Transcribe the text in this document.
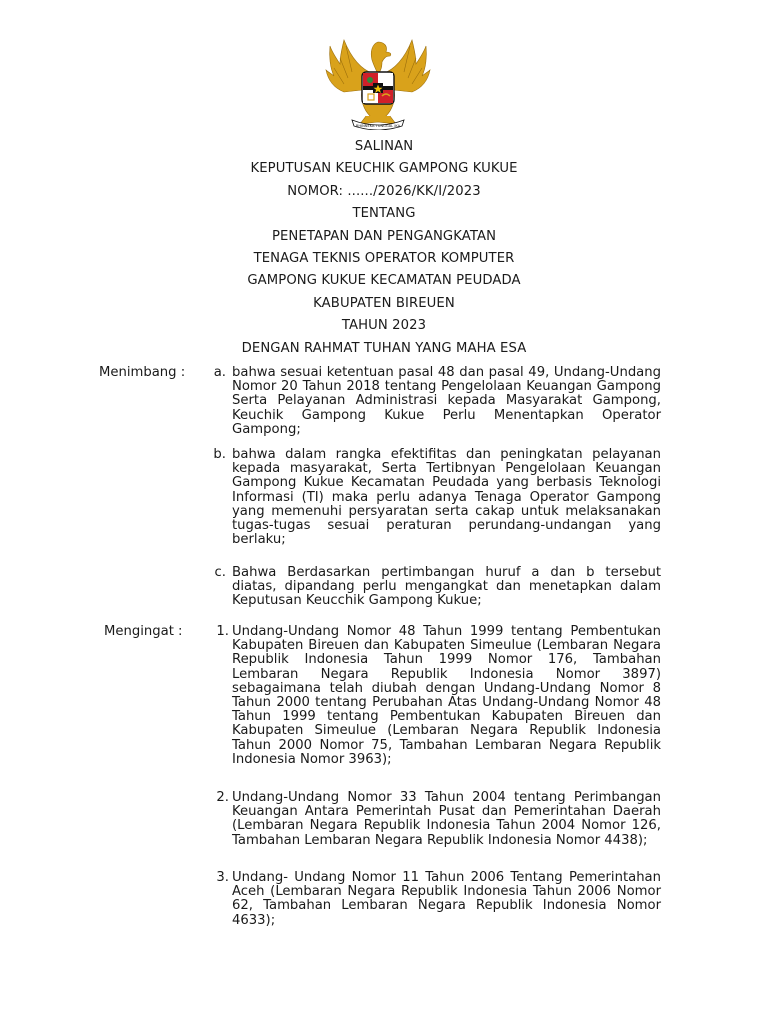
BHINNEKA TUNGGAL IKA
SALINAN
KEPUTUSAN KEUCHIK GAMPONG KUKUE
NOMOR: ....../2026/KK/I/2023
TENTANG
PENETAPAN DAN PENGANGKATAN
TENAGA TEKNIS OPERATOR KOMPUTER
GAMPONG KUKUE KECAMATAN PEUDADA
KABUPATEN BIREUEN
TAHUN 2023
DENGAN RAHMAT TUHAN YANG MAHA ESA
Menimbang :	a. bahwa sesuai ketentuan pasal 48 dan pasal 49, Undang-Undang Nomor 20 Tahun 2018 tentang Pengelolaan Keuangan Gampong Serta Pelayanan Administrasi kepada Masyarakat Gampong, Keuchik Gampong Kukue Perlu Menentapkan Operator Gampong;
b. bahwa dalam rangka efektifitas dan peningkatan pelayanan kepada masyarakat, Serta Tertibnyan Pengelolaan Keuangan Gampong Kukue Kecamatan Peudada yang berbasis Teknologi Informasi (TI) maka perlu adanya Tenaga Operator Gampong yang memenuhi persyaratan serta cakap untuk melaksanakan tugas-tugas sesuai peraturan perundang-undangan yang berlaku;
c. Bahwa Berdasarkan pertimbangan huruf a dan b tersebut diatas, dipandang perlu mengangkat dan menetapkan dalam Keputusan Keucchik Gampong Kukue;
Mengingat :	1. Undang-Undang Nomor 48 Tahun 1999 tentang Pembentukan Kabupaten Bireuen dan Kabupaten Simeulue (Lembaran Negara Republik Indonesia Tahun 1999 Nomor 176, Tambahan Lembaran Negara Republik Indonesia Nomor 3897) sebagaimana telah diubah dengan Undang-Undang Nomor 8 Tahun 2000 tentang Perubahan Atas Undang-Undang Nomor 48 Tahun 1999 tentang Pembentukan Kabupaten Bireuen dan Kabupaten Simeulue (Lembaran Negara Republik Indonesia Tahun 2000 Nomor 75, Tambahan Lembaran Negara Republik Indonesia Nomor 3963);
2. Undang-Undang Nomor 33 Tahun 2004 tentang Perimbangan Keuangan Antara Pemerintah Pusat dan Pemerintahan Daerah (Lembaran Negara Republik Indonesia Tahun 2004 Nomor 126, Tambahan Lembaran Negara Republik Indonesia Nomor 4438);
3. Undang- Undang Nomor 11 Tahun 2006 Tentang Pemerintahan Aceh (Lembaran Negara Republik Indonesia Tahun 2006 Nomor 62, Tambahan Lembaran Negara Republik Indonesia Nomor 4633);
